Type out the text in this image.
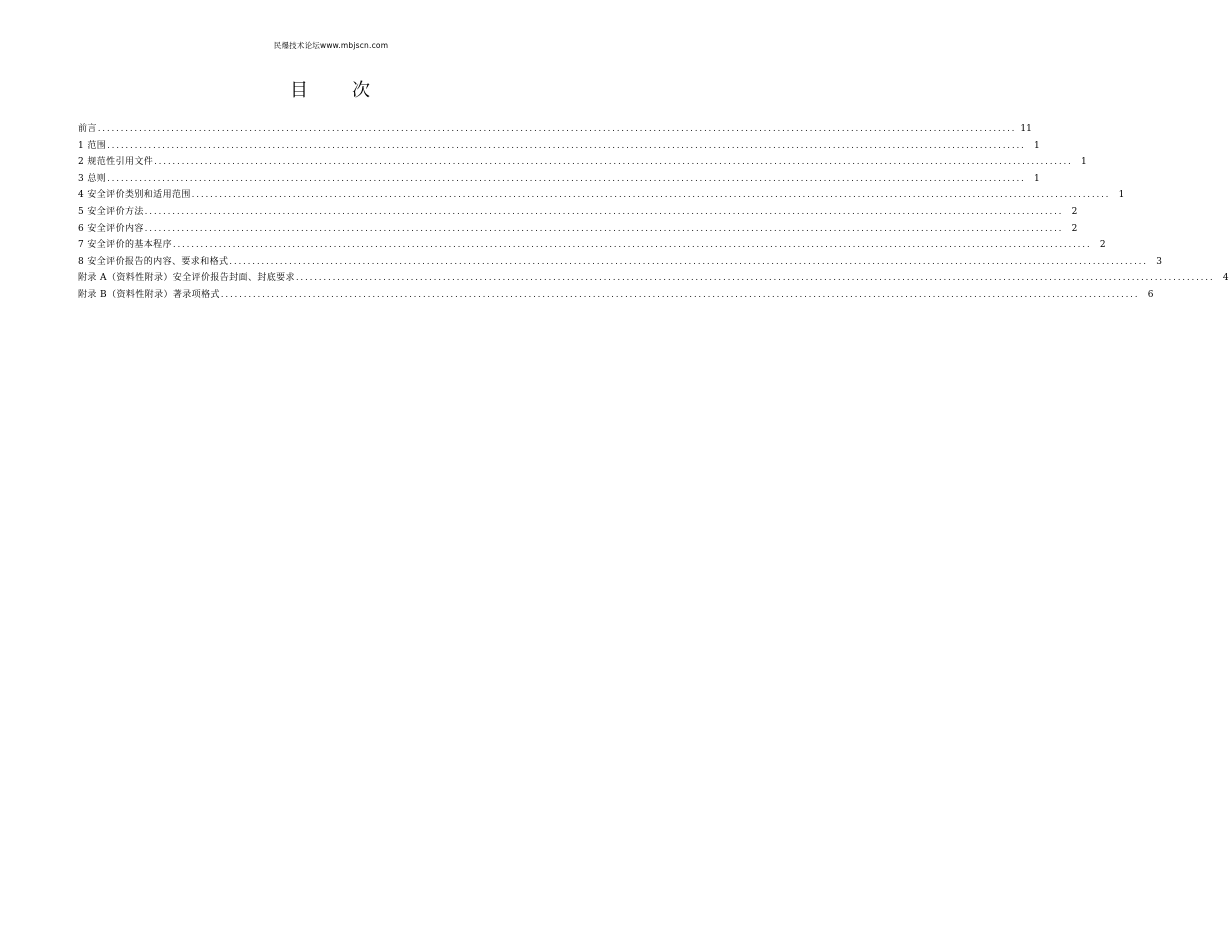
民爆技术论坛www.mbjscn.com
目 次
前言 ........................................................................................................................................................................................................ 11
1 范围 ........................................................................................................................................................................................................ 1
2 规范性引用文件 ........................................................................................................................................................................................................ 1
3 总则 ........................................................................................................................................................................................................ 1
4 安全评价类别和适用范围 ........................................................................................................................................................................................................ 1
5 安全评价方法 ........................................................................................................................................................................................................ 2
6 安全评价内容 ........................................................................................................................................................................................................ 2
7 安全评价的基本程序 ........................................................................................................................................................................................................ 2
8 安全评价报告的内容、要求和格式 ........................................................................................................................................................................................................ 3
附录 A（资料性附录）安全评价报告封面、封底要求 ........................................................................................................................................................................................................ 4
附录 B（资料性附录）著录项格式 ........................................................................................................................................................................................................ 6
